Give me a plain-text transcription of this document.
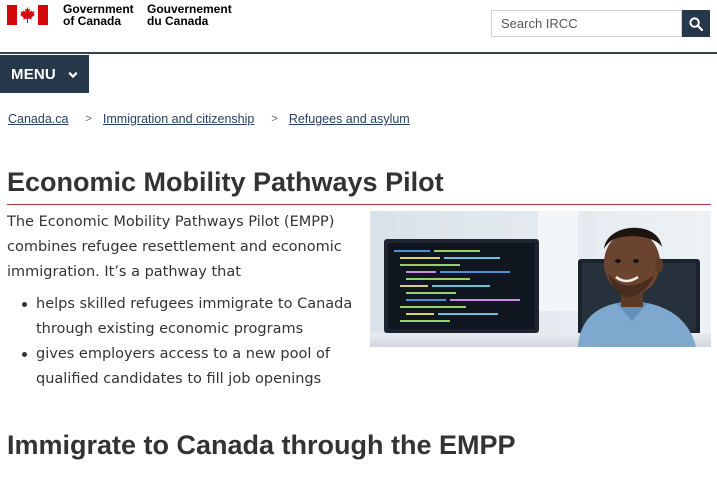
Government
of Canada
Gouvernement
du Canada
Search IRCC
MENU
Canada.ca > Immigration and citizenship > Refugees and asylum
Economic Mobility Pathways Pilot

The Economic Mobility Pathways Pilot (EMPP) combines refugee resettlement and economic immigration. It’s a pathway that

helps skilled refugees immigrate to Canada through existing economic programs
gives employers access to a new pool of qualified candidates to fill job openings
Immigrate to Canada through the EMPP
